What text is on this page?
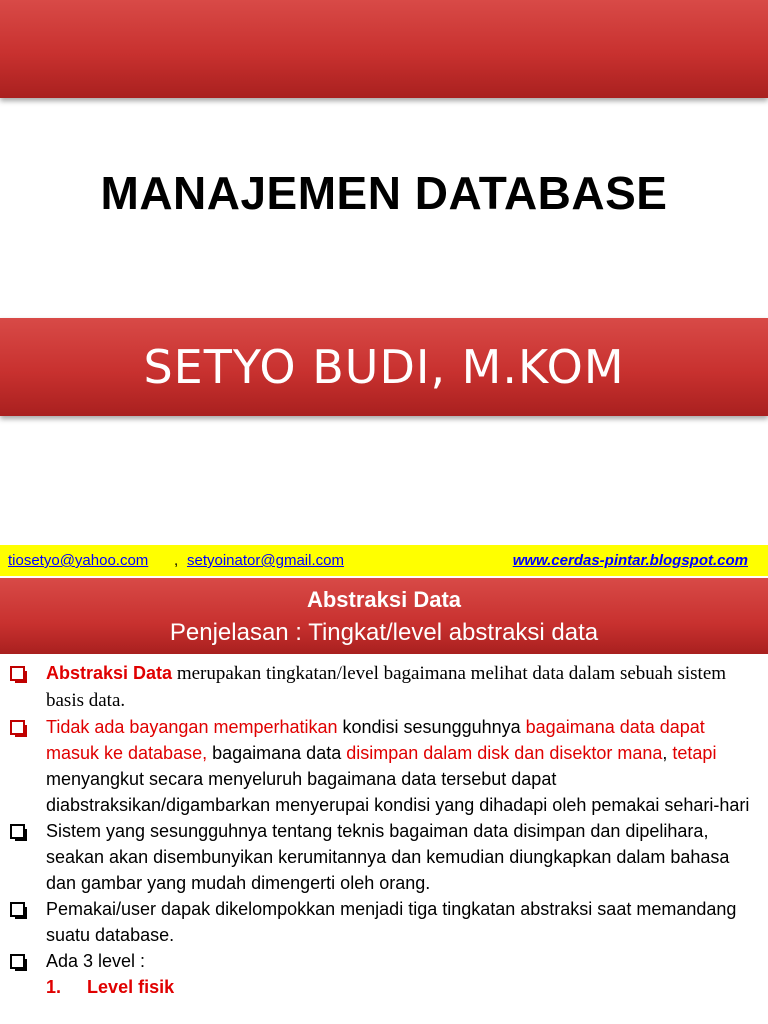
MANAJEMEN DATABASE
SETYO BUDI, M.KOM
tiosetyo@yahoo.com , setyoinator@gmail.com	www.cerdas-pintar.blogspot.com
Abstraksi Data
Penjelasan : Tingkat/level abstraksi data
Abstraksi Data merupakan tingkatan/level bagaimana melihat data dalam sebuah sistem basis data.
Tidak ada bayangan memperhatikan kondisi sesungguhnya bagaimana data dapat masuk ke database, bagaimana data disimpan dalam disk dan disektor mana, tetapi menyangkut secara menyeluruh bagaimana data tersebut dapat diabstraksikan/digambarkan menyerupai kondisi yang dihadapi oleh pemakai sehari-hari
Sistem yang sesungguhnya tentang teknis bagaiman data disimpan dan dipelihara, seakan akan disembunyikan kerumitannya dan kemudian diungkapkan dalam bahasa dan gambar yang mudah dimengerti oleh orang.
Pemakai/user dapak dikelompokkan menjadi tiga tingkatan abstraksi saat memandang suatu database.
Ada 3 level :
1. Level fisik
